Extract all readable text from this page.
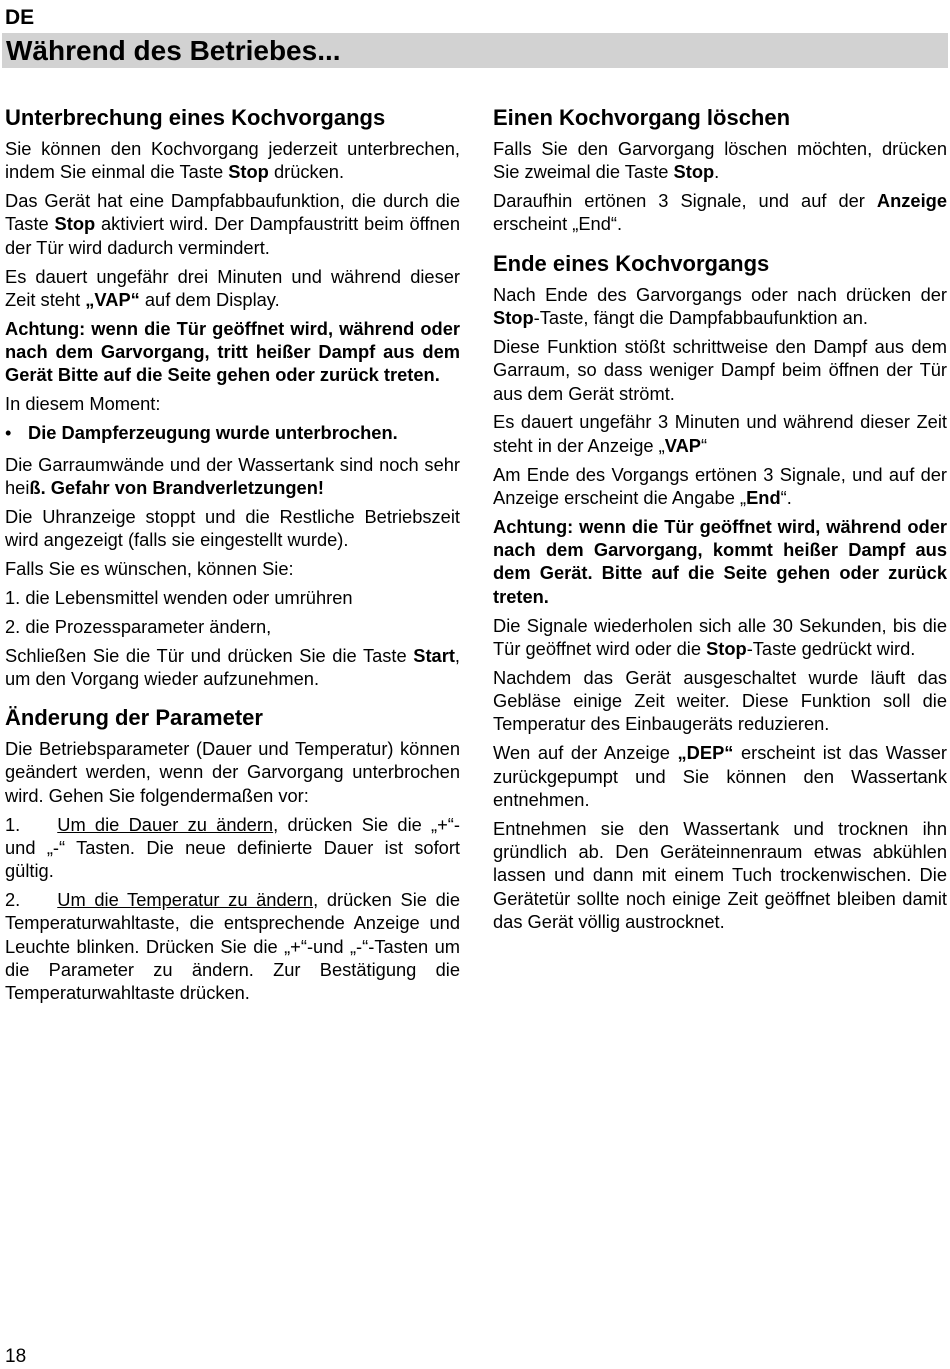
DE
Während des Betriebes...
Unterbrechung eines Kochvorgangs

Sie können den Kochvorgang jederzeit unterbrechen, indem Sie einmal die Taste Stop drücken.

Das Gerät hat eine Dampfabbaufunktion, die durch die Taste Stop aktiviert wird. Der Dampfaustritt beim öffnen der Tür wird dadurch vermindert.

Es dauert ungefähr drei Minuten und während dieser Zeit steht „VAP“ auf dem Display.

Achtung: wenn die Tür geöffnet wird, während oder nach dem Garvorgang, tritt heißer Dampf aus dem Gerät Bitte auf die Seite gehen oder zurück treten.

In diesem Moment:

• Die Dampferzeugung wurde unterbrochen.

Die Garraumwände und der Wassertank sind noch sehr heiß. Gefahr von Brandverletzungen!

Die Uhranzeige stoppt und die Restliche Betriebszeit wird angezeigt (falls sie eingestellt wurde).

Falls Sie es wünschen, können Sie:

1. die Lebensmittel wenden oder umrühren

2. die Prozessparameter ändern,

Schließen Sie die Tür und drücken Sie die Taste Start, um den Vorgang wieder aufzunehmen.

Änderung der Parameter

Die Betriebsparameter (Dauer und Temperatur) können geändert werden, wenn der Garvorgang unterbrochen wird. Gehen Sie folgendermaßen vor:

1. Um die Dauer zu ändern, drücken Sie die „+“- und „-“ Tasten. Die neue definierte Dauer ist sofort gültig.

2. Um die Temperatur zu ändern, drücken Sie die Temperaturwahltaste, die entsprechende Anzeige und Leuchte blinken. Drücken Sie die „+“-und „-“-Tasten um die Parameter zu ändern. Zur Bestätigung die Temperaturwahltaste drücken.

Einen Kochvorgang löschen

Falls Sie den Garvorgang löschen möchten, drücken Sie zweimal die Taste Stop.

Daraufhin ertönen 3 Signale, und auf der Anzeige erscheint „End“.

Ende eines Kochvorgangs

Nach Ende des Garvorgangs oder nach drücken der Stop-Taste, fängt die Dampfabbaufunktion an.

Diese Funktion stößt schrittweise den Dampf aus dem Garraum, so dass weniger Dampf beim öffnen der Tür aus dem Gerät strömt.

Es dauert ungefähr 3 Minuten und während dieser Zeit steht in der Anzeige „VAP“

Am Ende des Vorgangs ertönen 3 Signale, und auf der Anzeige erscheint die Angabe „End“.

Achtung: wenn die Tür geöffnet wird, während oder nach dem Garvorgang, kommt heißer Dampf aus dem Gerät. Bitte auf die Seite gehen oder zurück treten.

Die Signale wiederholen sich alle 30 Sekunden, bis die Tür geöffnet wird oder die Stop-Taste gedrückt wird.

Nachdem das Gerät ausgeschaltet wurde läuft das Gebläse einige Zeit weiter. Diese Funktion soll die Temperatur des Einbaugeräts reduzieren.

Wen auf der Anzeige „DEP“ erscheint ist das Wasser zurückgepumpt und Sie können den Wassertank entnehmen.

Entnehmen sie den Wassertank und trocknen ihn gründlich ab. Den Geräteinnenraum etwas abkühlen lassen und dann mit einem Tuch trockenwischen. Die Gerätetür sollte noch einige Zeit geöffnet bleiben damit das Gerät völlig austrocknet.

18
